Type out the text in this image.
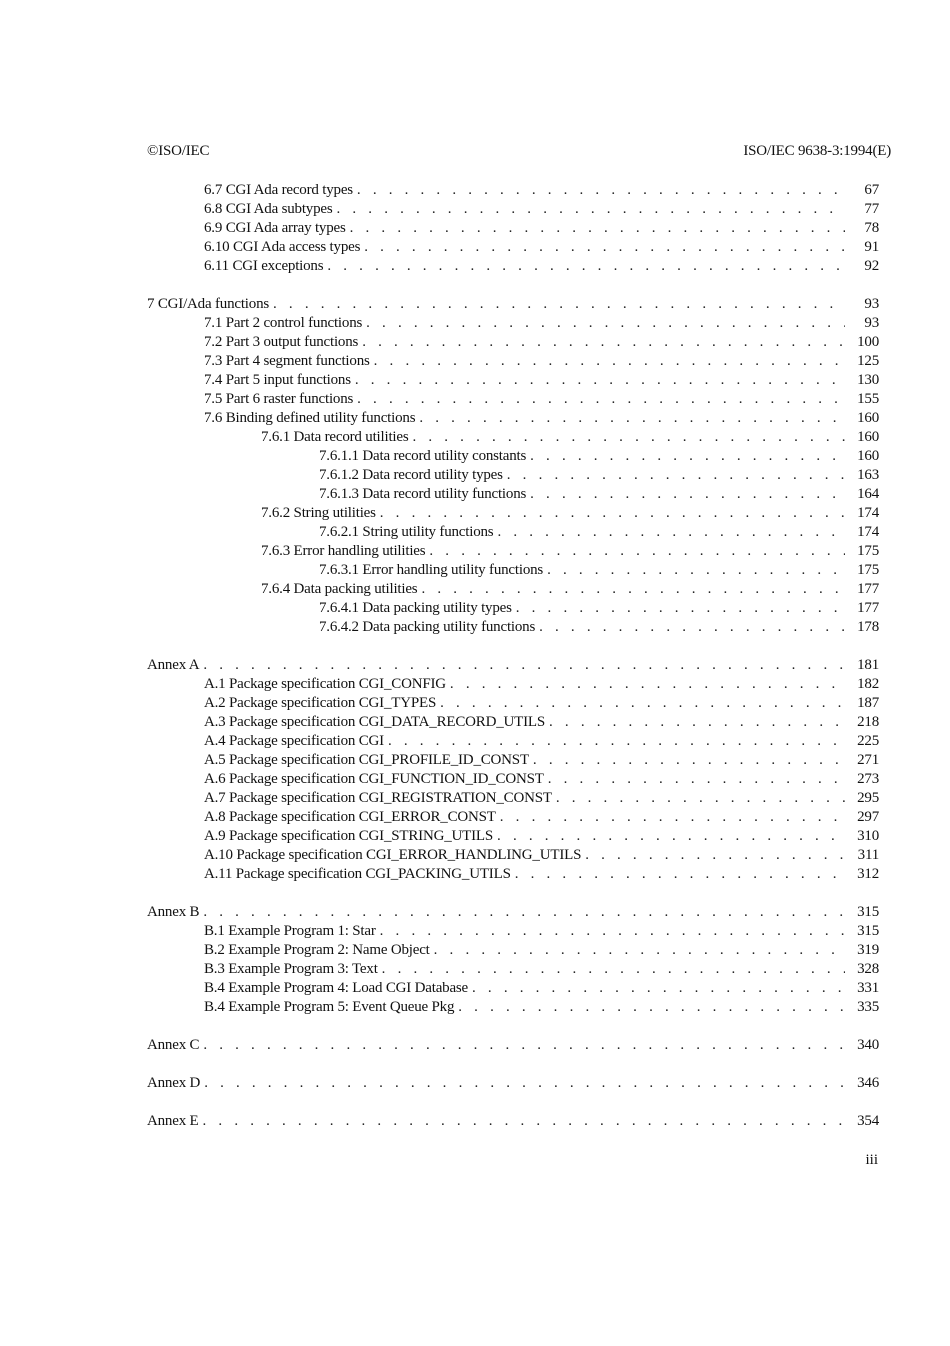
©ISO/IEC	ISO/IEC 9638-3:1994(E)
6.7 CGI Ada record types . . .	67
6.8 CGI Ada subtypes . . .	77
6.9 CGI Ada array types . . .	78
6.10 CGI Ada access types . . .	91
6.11 CGI exceptions . . .	92
7 CGI/Ada functions . . .	93
7.1 Part 2 control functions . . .	93
7.2 Part 3 output functions . . .	100
7.3 Part 4 segment functions . . .	125
7.4 Part 5 input functions . . .	130
7.5 Part 6 raster functions . . .	155
7.6 Binding defined utility functions . . .	160
7.6.1 Data record utilities . . .	160
7.6.1.1 Data record utility constants . . .	160
7.6.1.2 Data record utility types . . .	163
7.6.1.3 Data record utility functions . . .	164
7.6.2 String utilities . . .	174
7.6.2.1 String utility functions . . .	174
7.6.3 Error handling utilities . . .	175
7.6.3.1 Error handling utility functions . . .	175
7.6.4 Data packing utilities . . .	177
7.6.4.1 Data packing utility types . . .	177
7.6.4.2 Data packing utility functions . . .	178
Annex A . . .	181
A.1 Package specification CGI_CONFIG . . .	182
A.2 Package specification CGI_TYPES . . .	187
A.3 Package specification CGI_DATA_RECORD_UTILS . . .	218
A.4 Package specification CGI . . .	225
A.5 Package specification CGI_PROFILE_ID_CONST . . .	271
A.6 Package specification CGI_FUNCTION_ID_CONST . . .	273
A.7 Package specification CGI_REGISTRATION_CONST . . .	295
A.8 Package specification CGI_ERROR_CONST . . .	297
A.9 Package specification CGI_STRING_UTILS . . .	310
A.10 Package specification CGI_ERROR_HANDLING_UTILS . . .	311
A.11 Package specification CGI_PACKING_UTILS . . .	312
Annex B . . .	315
B.1 Example Program 1: Star . . .	315
B.2 Example Program 2: Name Object . . .	319
B.3 Example Program 3: Text . . .	328
B.4 Example Program 4: Load CGI Database . . .	331
B.4 Example Program 5: Event Queue Pkg . . .	335
Annex C . . .	340
Annex D . . .	346
Annex E . . .	354
iii
